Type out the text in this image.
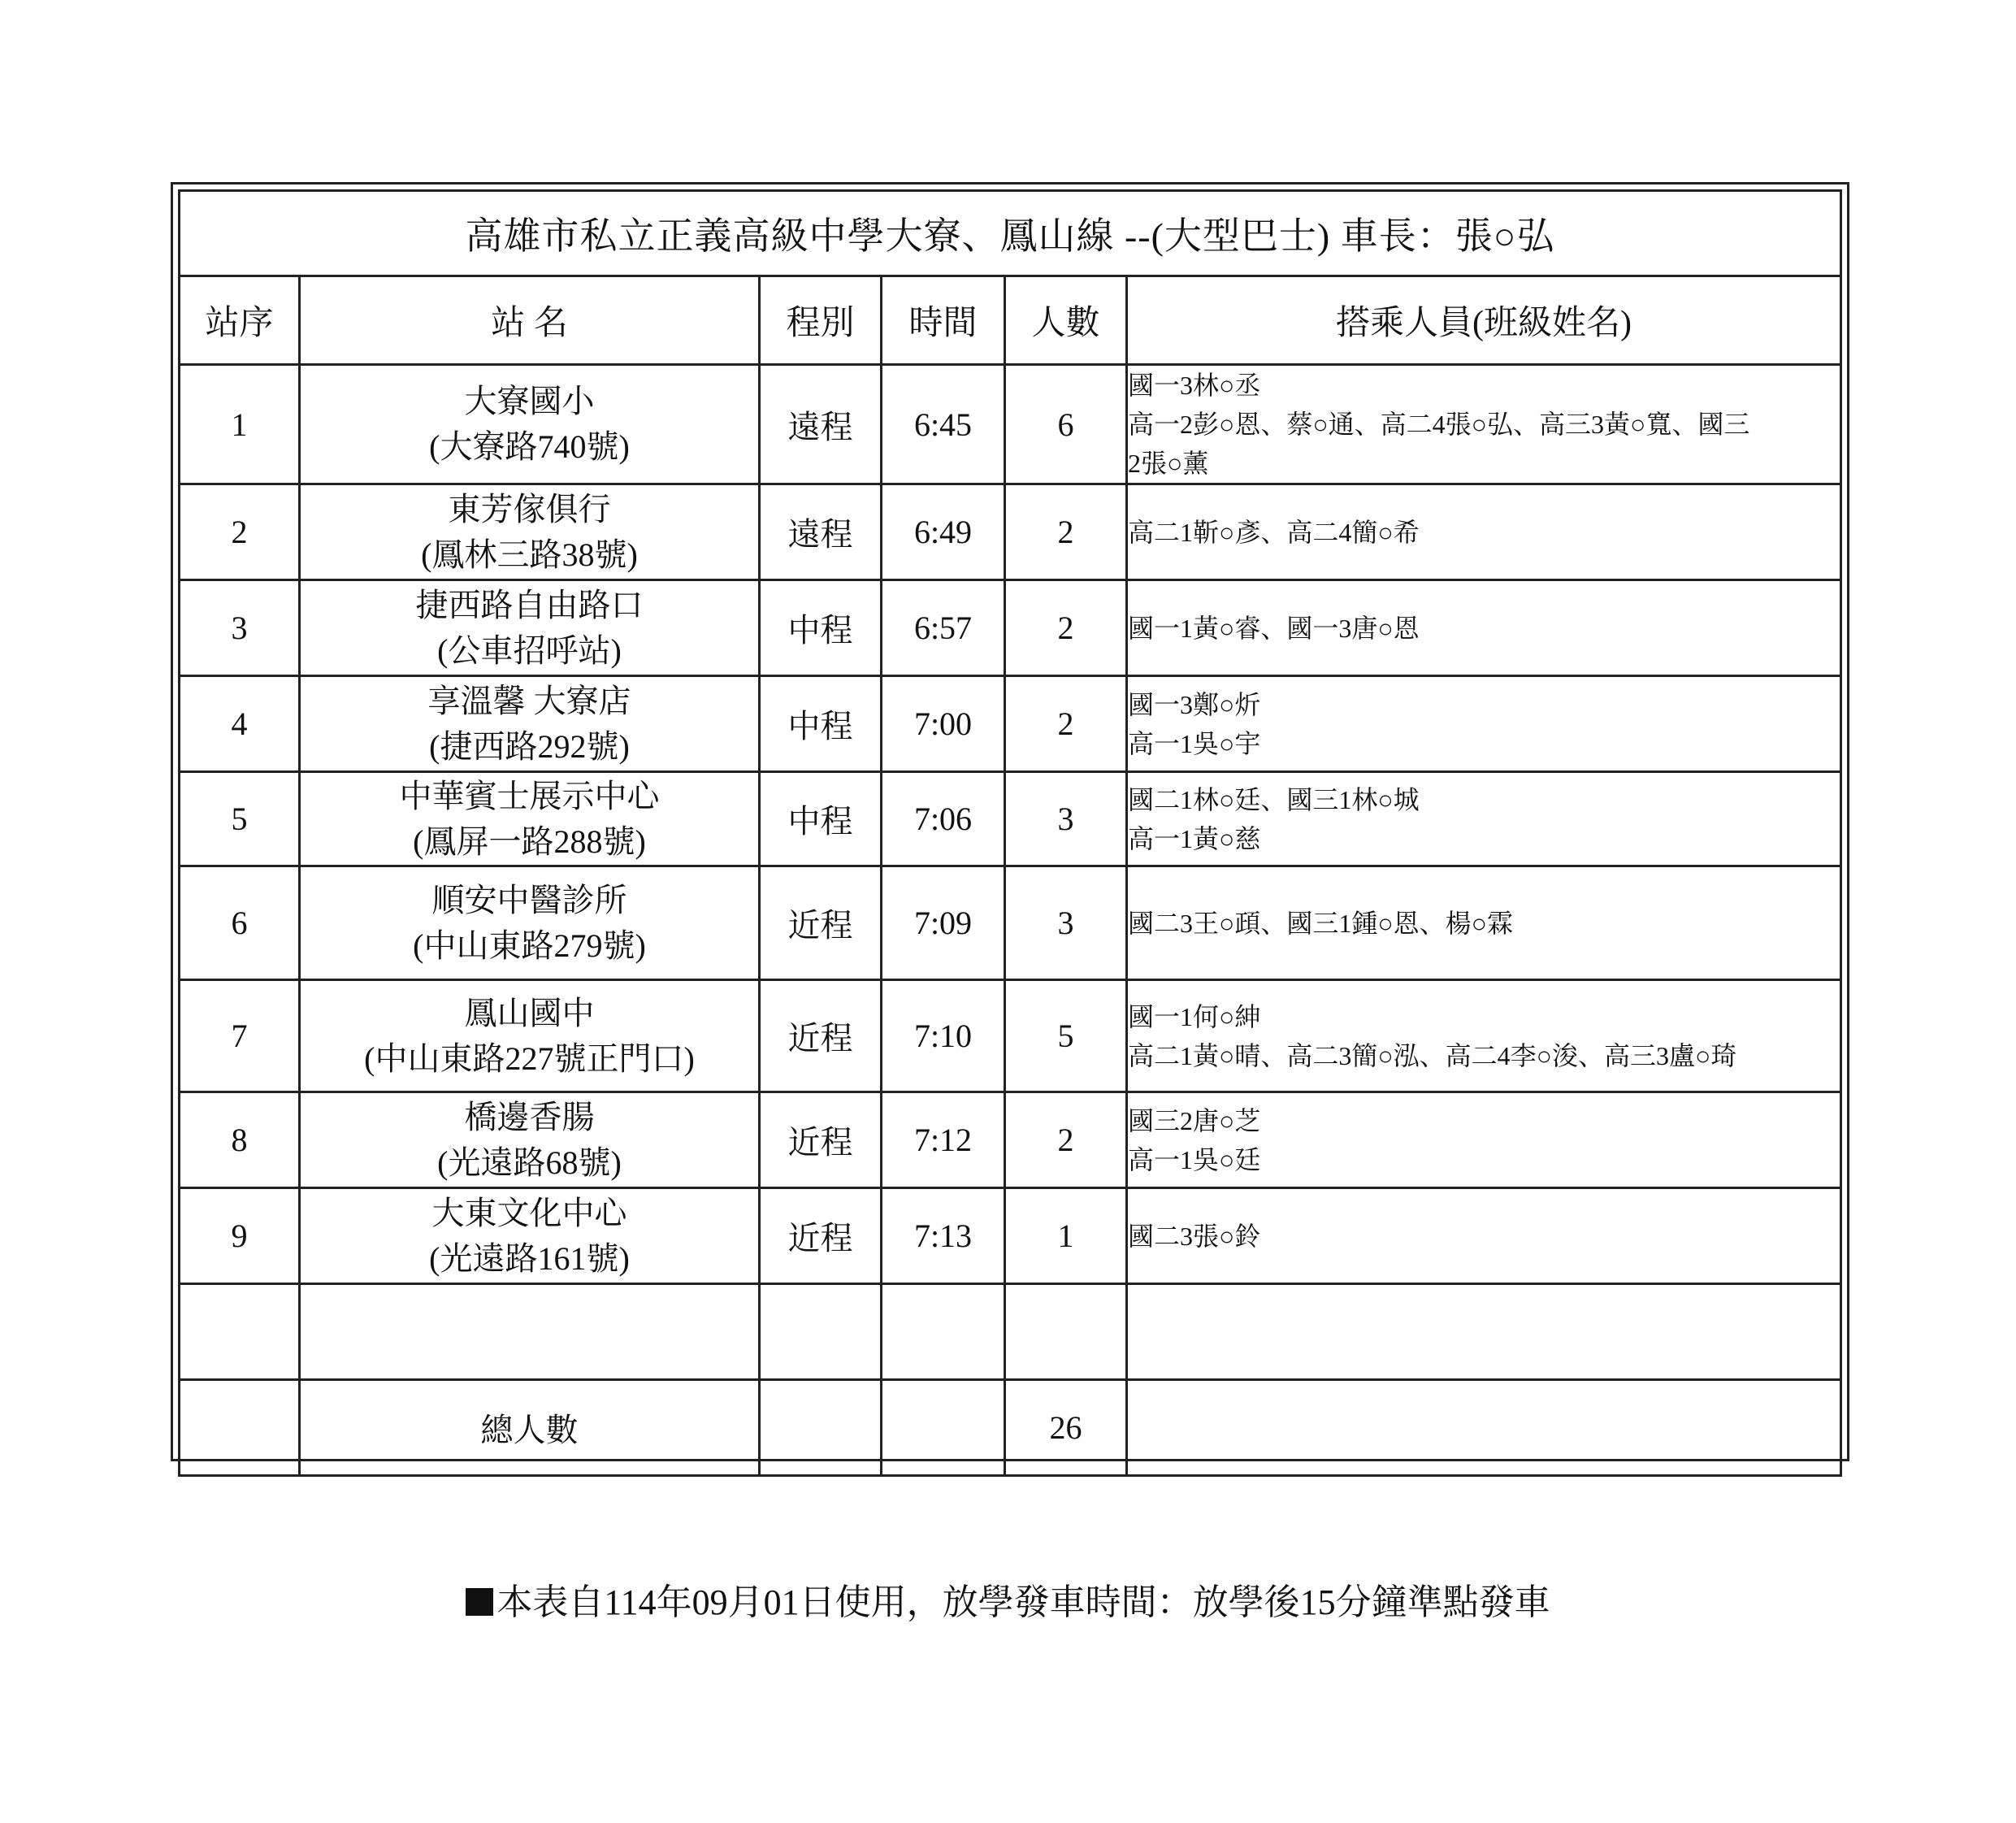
高雄市私立正義高級中學大寮、鳳山線 --(大型巴士) 車長：張○弘					
站序	站 名	程別	時間	人數	搭乘人員(班級姓名)
1	大寮國小
(大寮路740號)	遠程	6:45	6	國一3林○丞
高一2彭○恩、蔡○通、高二4張○弘、高三3黃○寬、國三
2張○薰

2	東芳傢俱行
(鳳林三路38號)	遠程	6:49	2	高二1靳○彥、高二4簡○希

3	捷西路自由路口
(公車招呼站)	中程	6:57	2	國一1黃○睿、國一3唐○恩

4	享溫馨 大寮店
(捷西路292號)	中程	7:00	2	國一3鄭○炘
高一1吳○宇

5	中華賓士展示中心
(鳳屏一路288號)	中程	7:06	3	國二1林○廷、國三1林○城
高一1黃○慈

6	順安中醫診所
(中山東路279號)	近程	7:09	3	國二3王○頙、國三1鍾○恩、楊○霖

7	鳳山國中
(中山東路227號正門口)	近程	7:10	5	國一1何○紳
高二1黃○晴、高二3簡○泓、高二4李○浚、高三3盧○琦

8	橋邊香腸
(光遠路68號)	近程	7:12	2	國三2唐○芝
高一1吳○廷

9	大東文化中心
(光遠路161號)	近程	7:13	1	國二3張○鈴

	總人數			26	
本表自114年09月01日使用，放學發車時間：放學後15分鐘準點發車
